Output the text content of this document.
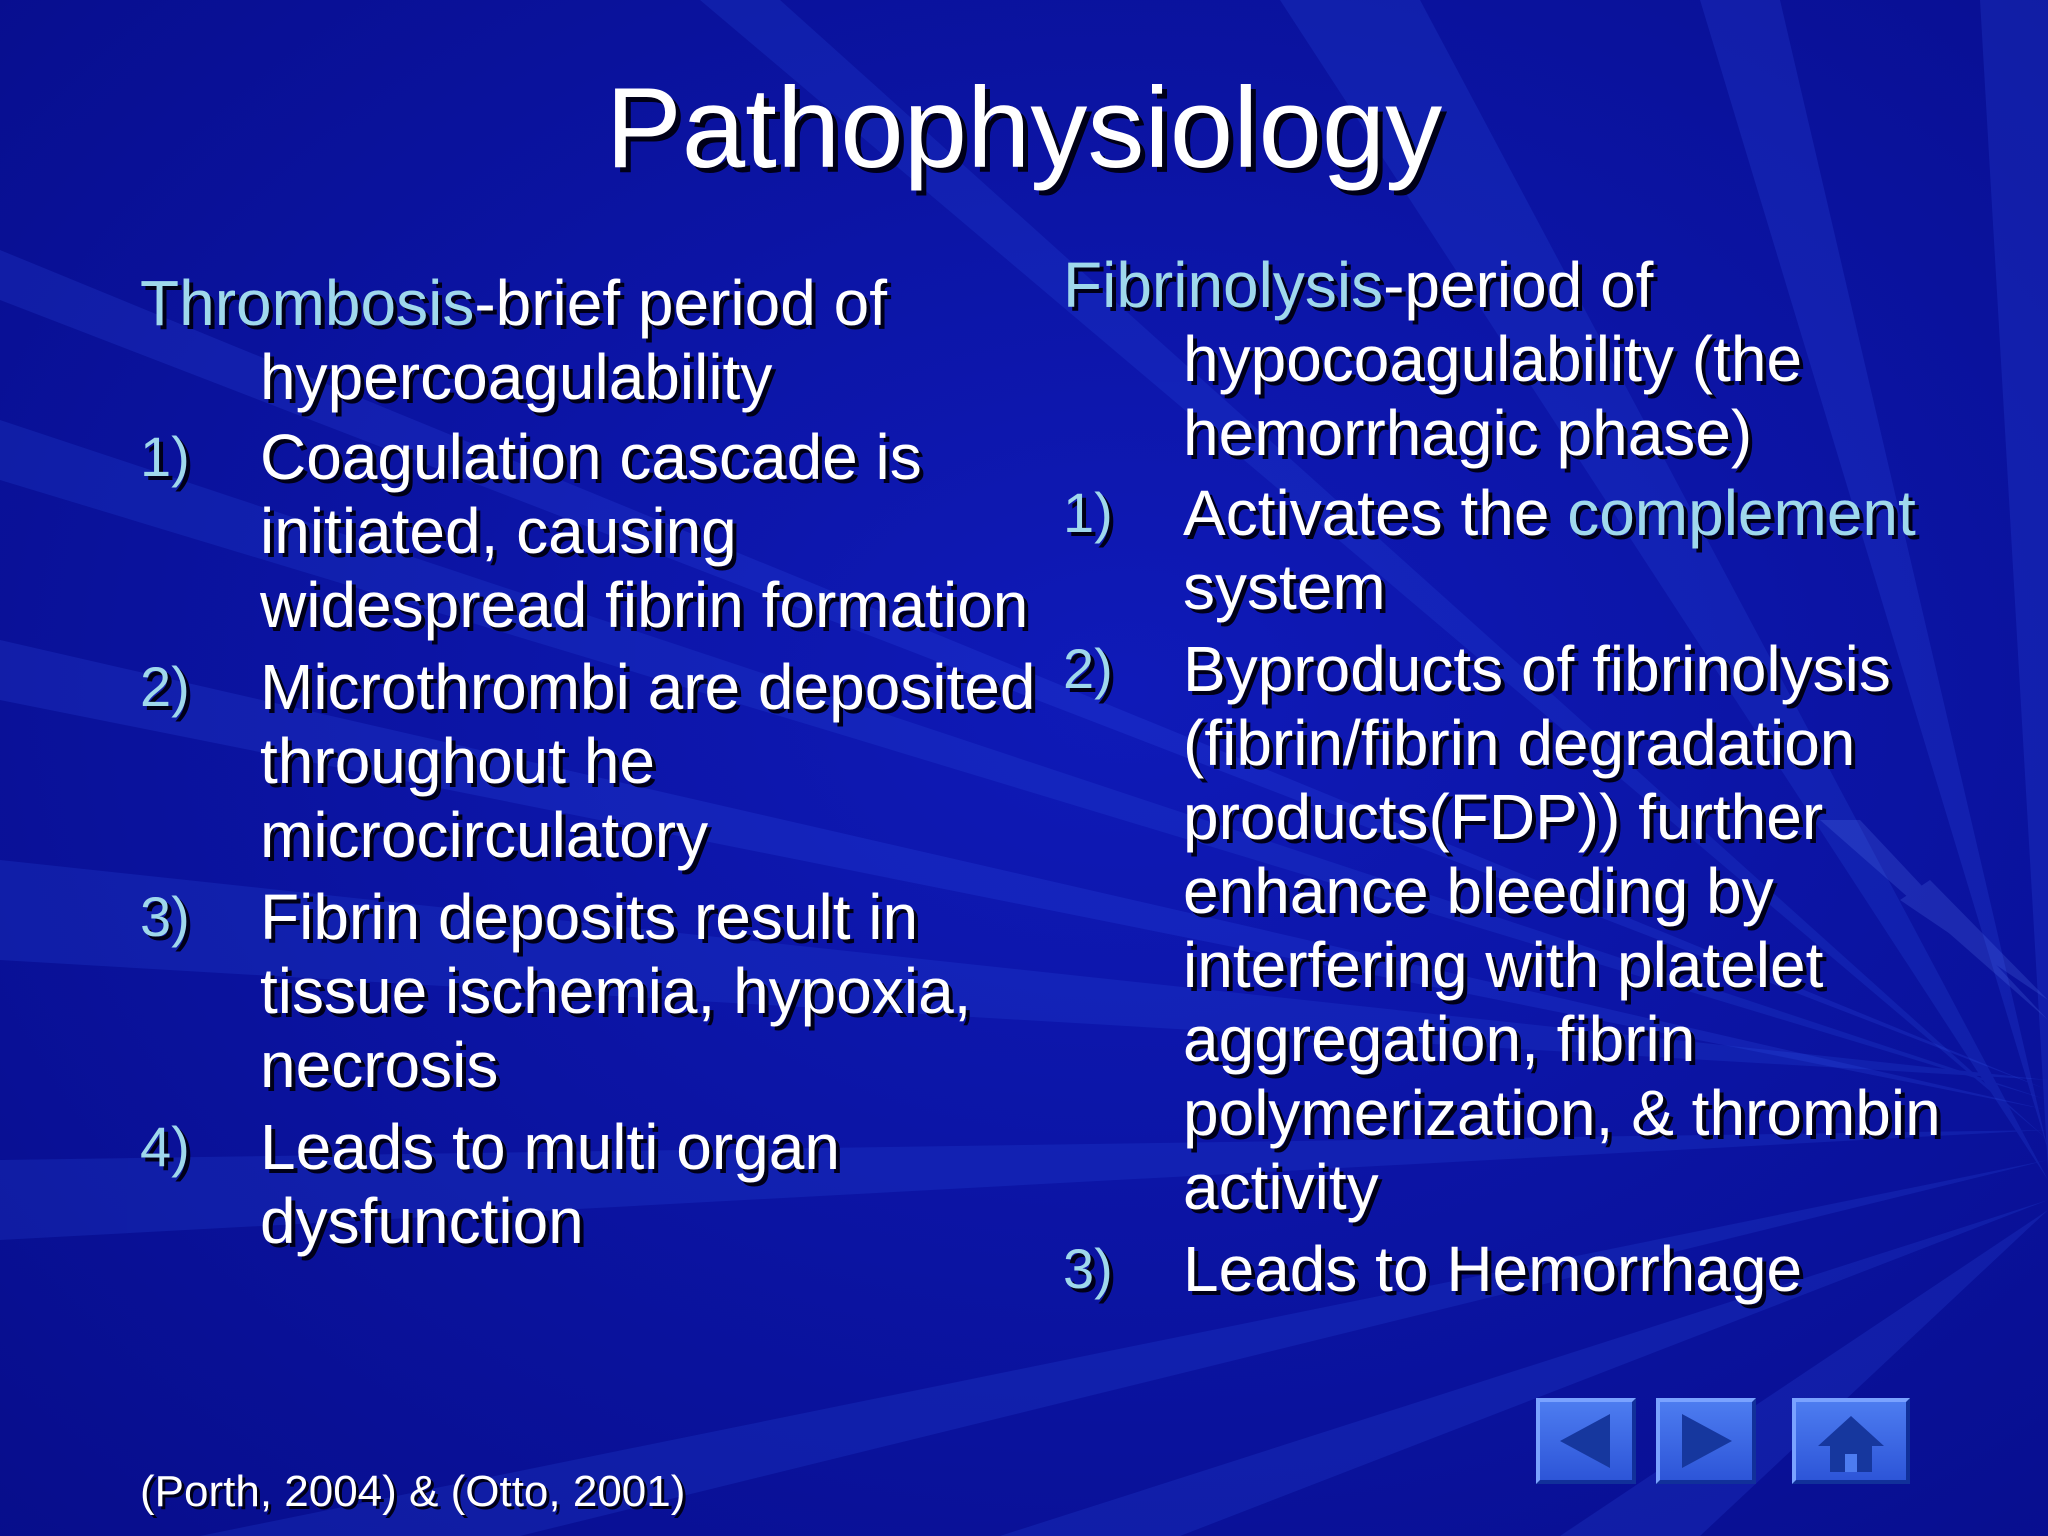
Pathophysiology
Thrombosis-brief period of hypercoagulability
1) Coagulation cascade is initiated, causing widespread fibrin formation
2) Microthrombi are deposited throughout he microcirculatory
3) Fibrin deposits result in tissue ischemia, hypoxia, necrosis
4) Leads to multi organ dysfunction
Fibrinolysis-period of hypocoagulability (the hemorrhagic phase)
1) Activates the complement system
2) Byproducts of fibrinolysis (fibrin/fibrin degradation products(FDP)) further enhance bleeding by interfering with platelet aggregation, fibrin polymerization, & thrombin activity
3) Leads to Hemorrhage
(Porth, 2004) & (Otto, 2001)
